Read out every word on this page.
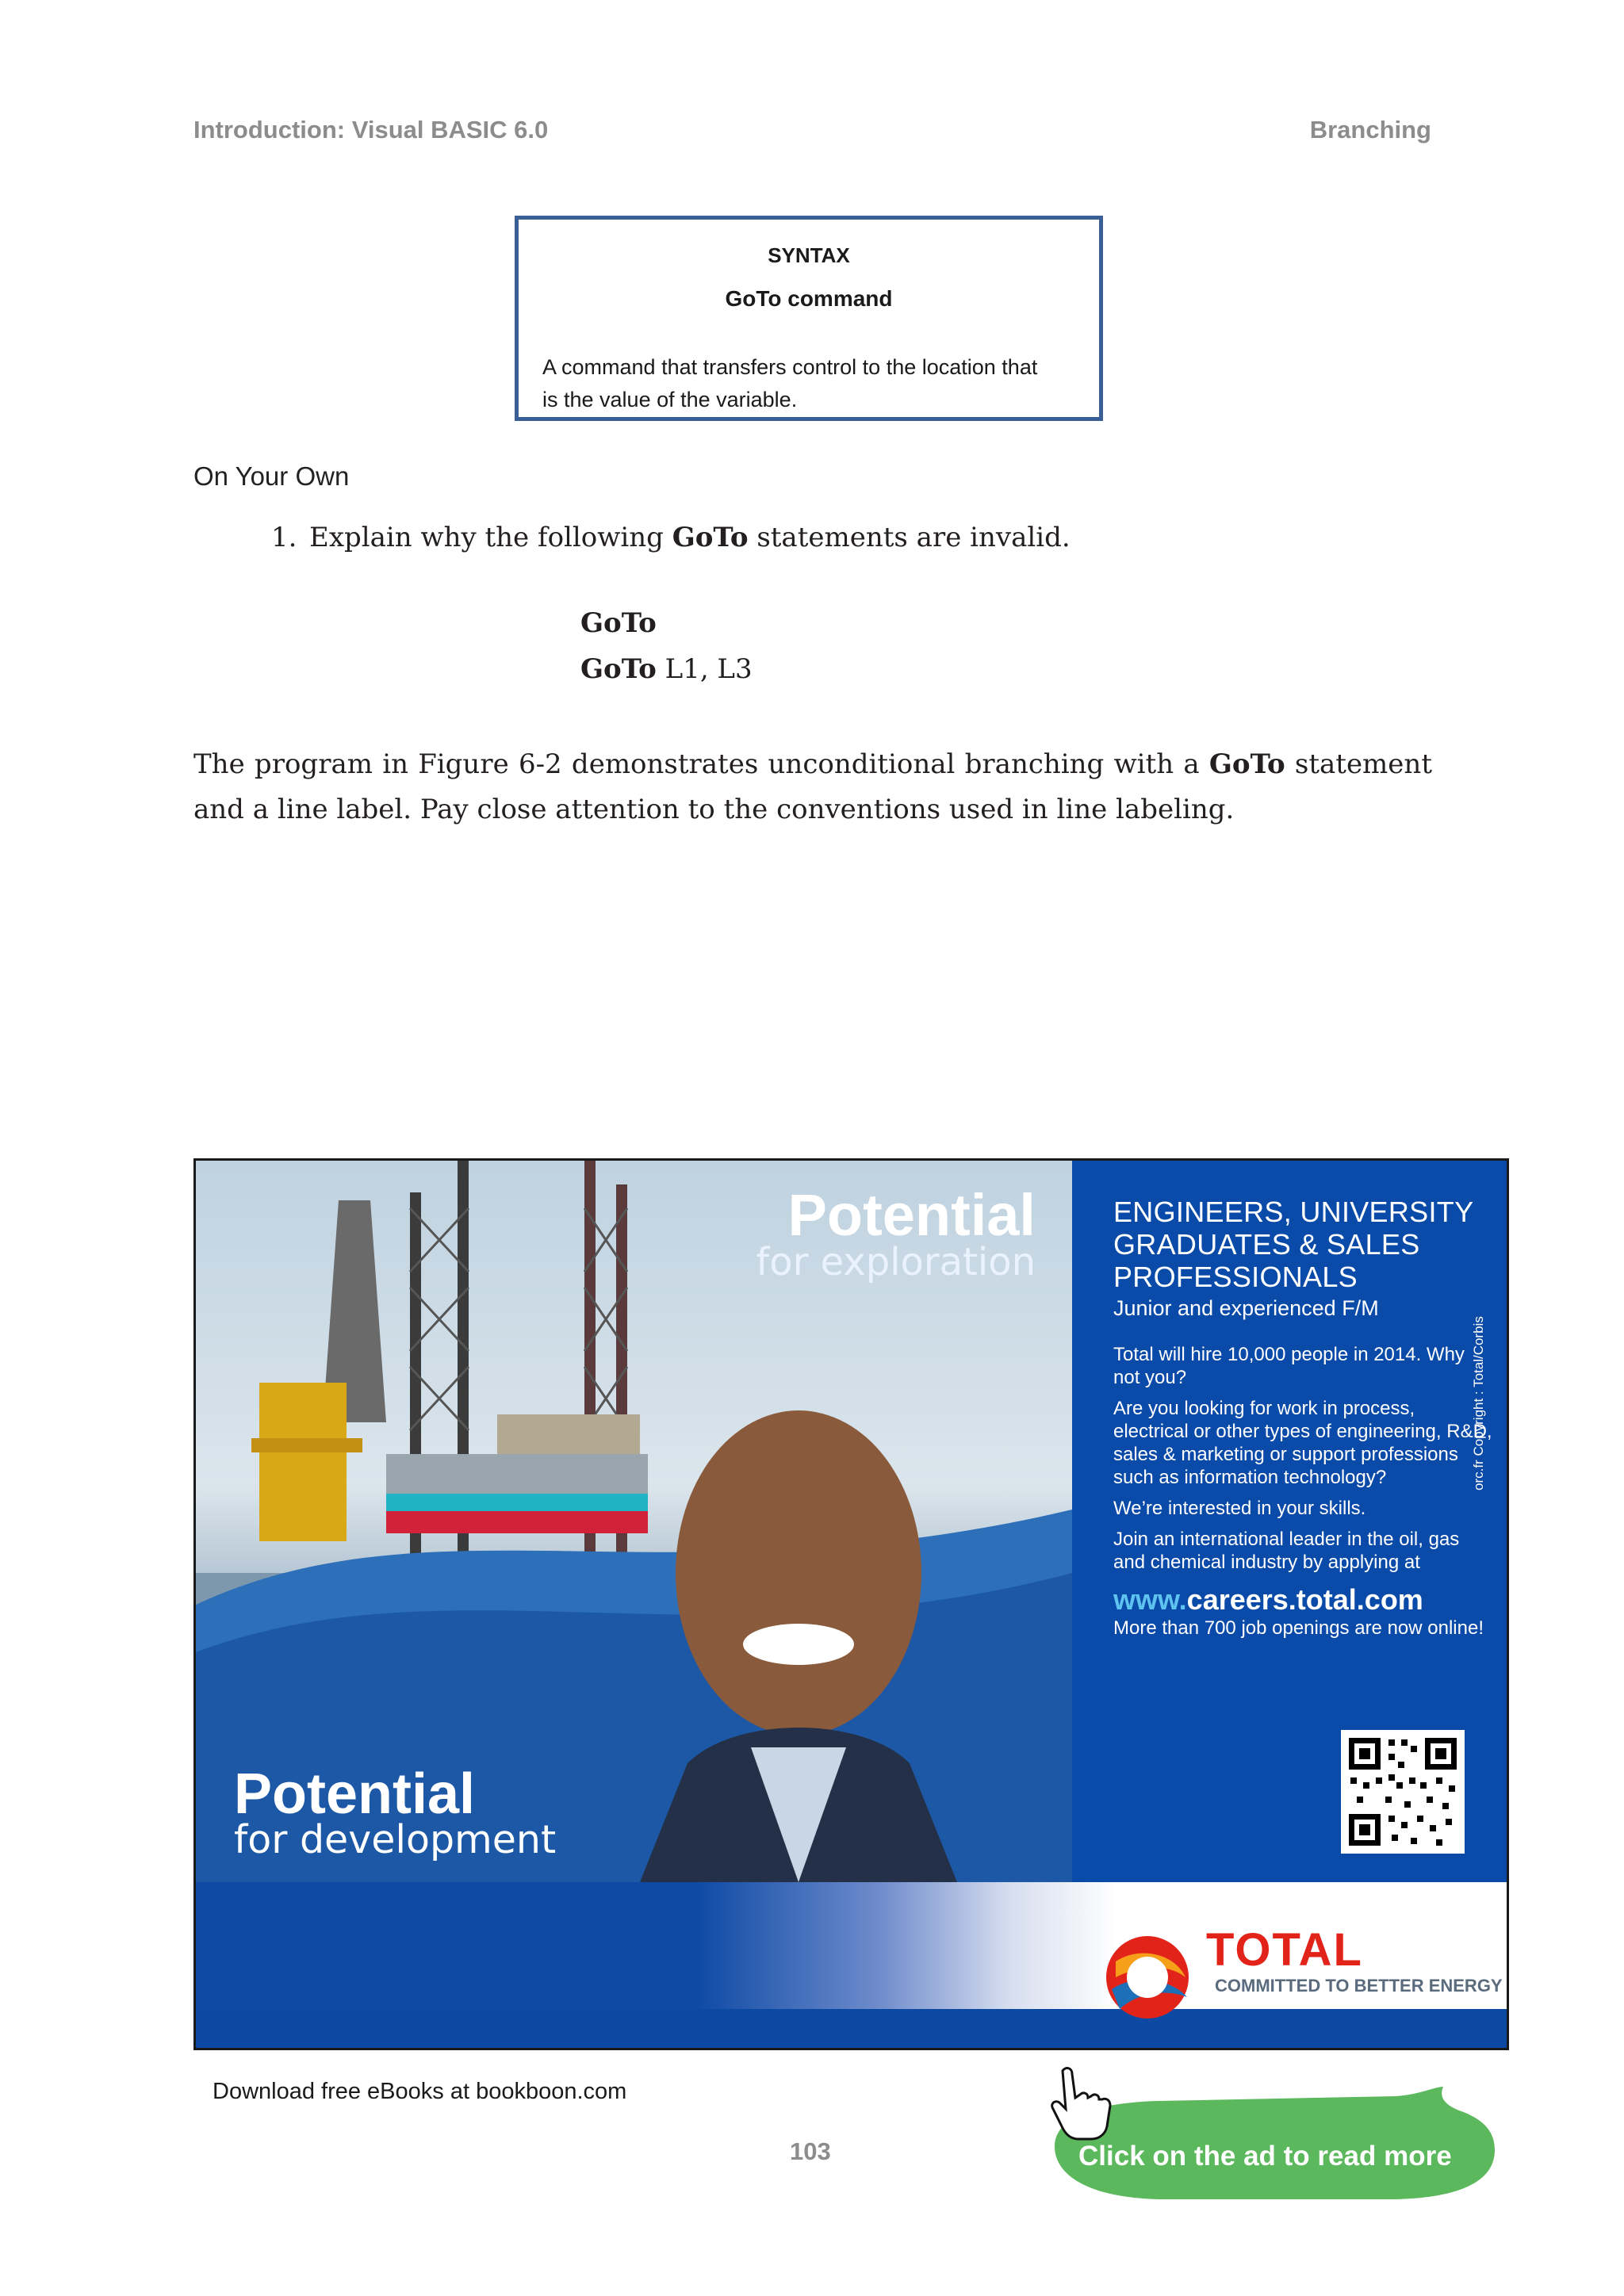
Introduction: Visual BASIC 6.0	Branching
SYNTAX
GoTo command
A command that transfers control to the location that is the value of the variable.
On Your Own
1. Explain why the following GoTo statements are invalid.
GoTo
GoTo L1, L3
The program in Figure 6-2 demonstrates unconditional branching with a GoTo statement and a line label. Pay close attention to the conventions used in line labeling.
Potential
for exploration
Potential
for development
ENGINEERS, UNIVERSITY GRADUATES & SALES PROFESSIONALS
Junior and experienced F/M

Total will hire 10,000 people in 2014. Why not you?

Are you looking for work in process, electrical or other types of engineering, R&D, sales & marketing or support professions such as information technology?

We’re interested in your skills.

Join an international leader in the oil, gas and chemical industry by applying at

www.careers.total.com

More than 700 job openings are now online!

TOTAL
COMMITTED TO BETTER ENERGY
orc.fr Copyright : Total/Corbis
Download free eBooks at bookboon.com
103	Click on the ad to read more
